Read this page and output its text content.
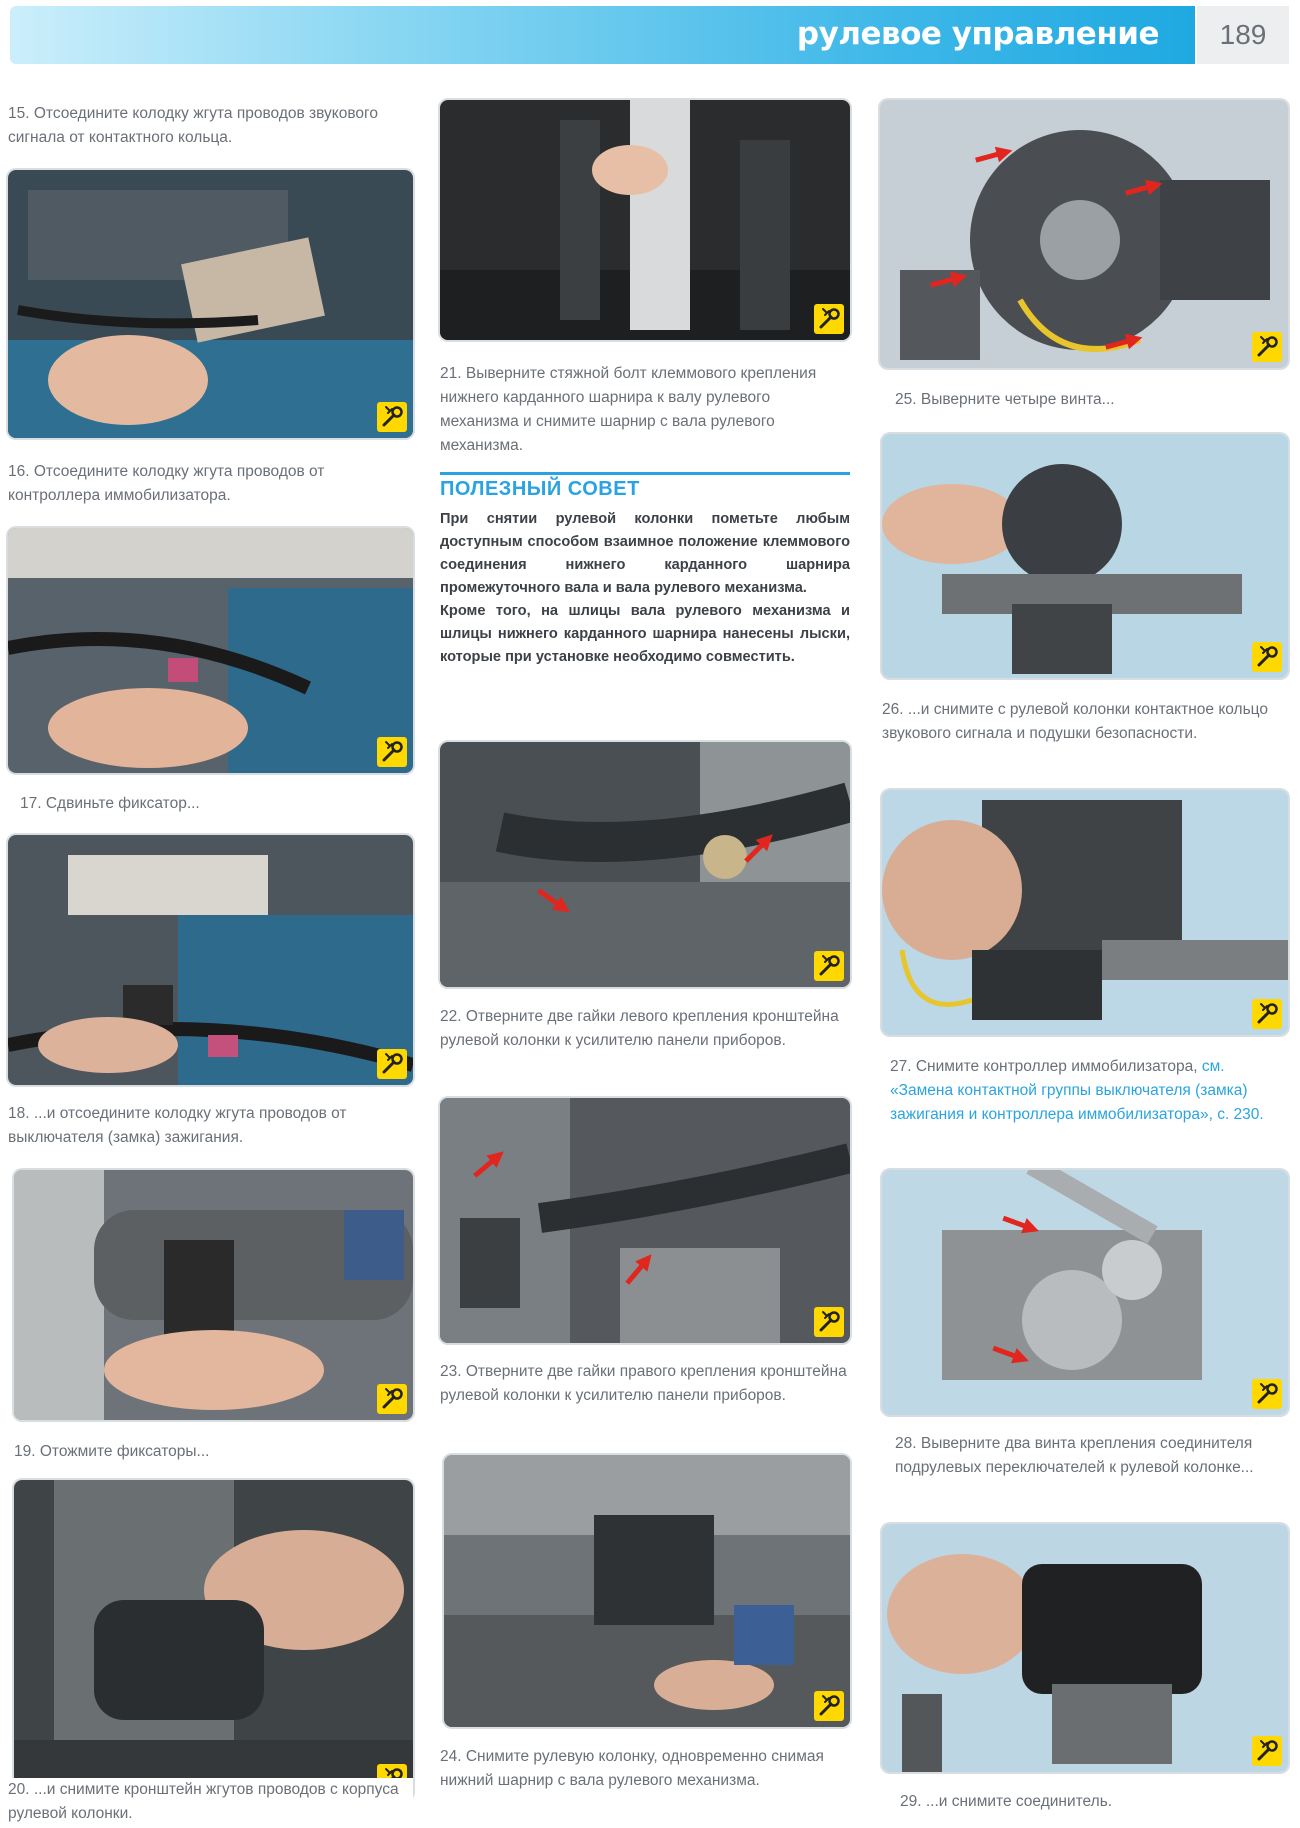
рулевое управление	189
15. Отсоедините колодку жгута проводов звукового сигнала от контактного кольца.
16. Отсоедините колодку жгута проводов от контроллера иммобилизатора.
17. Сдвиньте фиксатор...
18. ...и отсоедините колодку жгута проводов от выключателя (замка) зажигания.
19. Отожмите фиксаторы...
20. ...и снимите кронштейн жгутов проводов с корпуса рулевой колонки.
21. Выверните стяжной болт клеммового крепления нижнего карданного шарнира к валу рулевого механизма и снимите шарнир с вала рулевого механизма.
ПОЛЕЗНЫЙ СОВЕТ

При снятии рулевой колонки пометьте любым доступным способом взаимное положение клеммового соединения нижнего карданного шарнира промежуточного вала и вала рулевого механизма.

Кроме того, на шлицы вала рулевого механизма и шлицы нижнего карданного шарнира нанесены лыски, которые при установке необходимо совместить.

22. Отверните две гайки левого крепления кронштейна рулевой колонки к усилителю панели приборов.
23. Отверните две гайки правого крепления кронштейна рулевой колонки к усилителю панели приборов.
24. Снимите рулевую колонку, одновременно снимая нижний шарнир с вала рулевого механизма.
25. Выверните четыре винта...
26. ...и снимите с рулевой колонки контактное кольцо звукового сигнала и подушки безопасности.
27. Снимите контроллер иммобилизатора, см. «Замена контактной группы выключателя (замка) зажигания и контроллера иммобилизатора», с. 230.
28. Выверните два винта крепления соединителя подрулевых переключателей к рулевой колонке...
29. ...и снимите соединитель.
